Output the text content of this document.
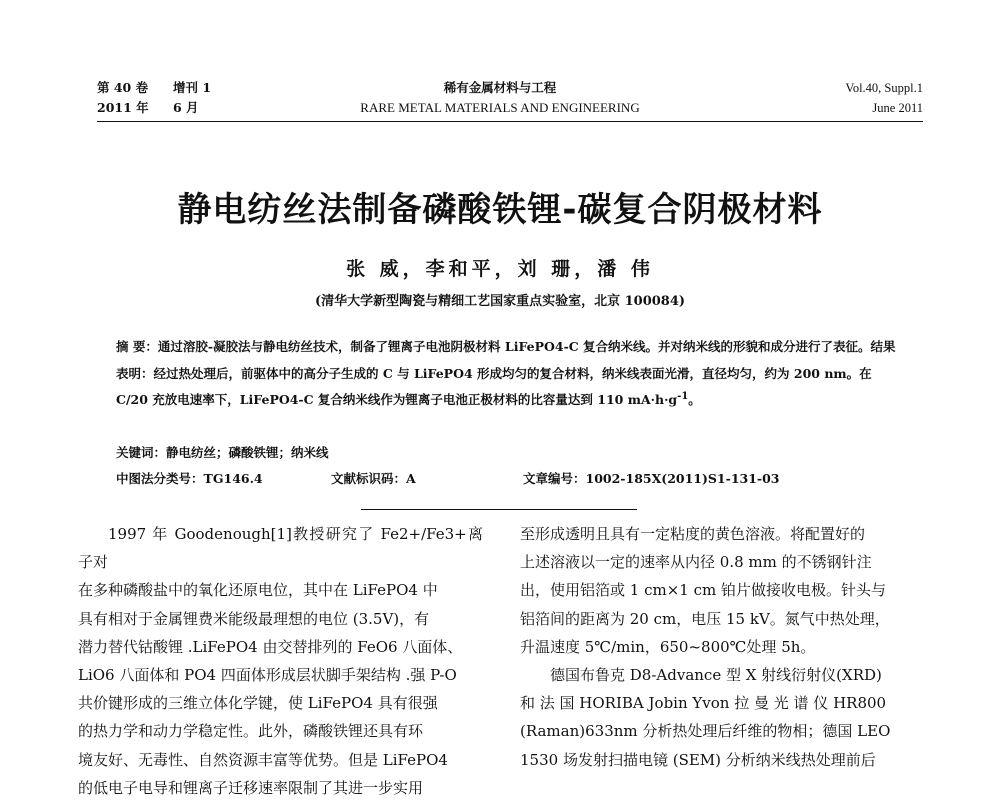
第 40 卷 增刊 1
2011 年 6 月
稀有金属材料与工程
RARE METAL MATERIALS AND ENGINEERING
Vol.40, Suppl.1
June 2011
静电纺丝法制备磷酸铁锂-碳复合阴极材料
张 威，李和平，刘 珊，潘 伟
(清华大学新型陶瓷与精细工艺国家重点实验室，北京 100084)
摘 要：通过溶胶-凝胶法与静电纺丝技术，制备了锂离子电池阴极材料 LiFePO4-C 复合纳米线。并对纳米线的形貌和成分进行了表征。结果表明：经过热处理后，前驱体中的高分子生成的 C 与 LiFePO4 形成均匀的复合材料，纳米线表面光滑，直径均匀，约为 200 nm。在 C/20 充放电速率下，LiFePO4-C 复合纳米线作为锂离子电池正极材料的比容量达到 110 $mA\cdot h\cdot g^{-1}$。
关键词：静电纺丝；磷酸铁锂；纳米线
中图法分类号：TG146.4	文献标识码：A	文章编号：1002-185X(2011)S1-131-03

1997 年 Goodenough[1]教授研究了 Fe2+/Fe3+离子对

在多种磷酸盐中的氧化还原电位，其中在 LiFePO4 中

具有相对于金属锂费米能级最理想的电位 (3.5V)，有

潜力替代钴酸锂 .LiFePO4 由交替排列的 FeO6 八面体、

LiO6 八面体和 PO4 四面体形成层状脚手架结构 .强 P-O

共价键形成的三维立体化学键，使 LiFePO4 具有很强

的热力学和动力学稳定性。此外，磷酸铁锂还具有环

境友好、无毒性、自然资源丰富等优势。但是 LiFePO4

的低电子电导和锂离子迁移速率限制了其进一步实用

至形成透明且具有一定粘度的黄色溶液。将配置好的

上述溶液以一定的速率从内径 0.8 mm 的不锈钢针注

出，使用铝箔或 1 cm×1 cm 铂片做接收电极。针头与

铝箔间的距离为 20 cm，电压 15 kV。氮气中热处理，

升温速度 5℃/min，650~800℃处理 5h。

德国布鲁克 D8-Advance 型 X 射线衍射仪(XRD)

和 法 国 HORIBA Jobin Yvon 拉 曼 光 谱 仪 HR800

(Raman)633nm 分析热处理后纤维的物相；德国 LEO

1530 场发射扫描电镜 (SEM) 分析纳米线热处理前后
